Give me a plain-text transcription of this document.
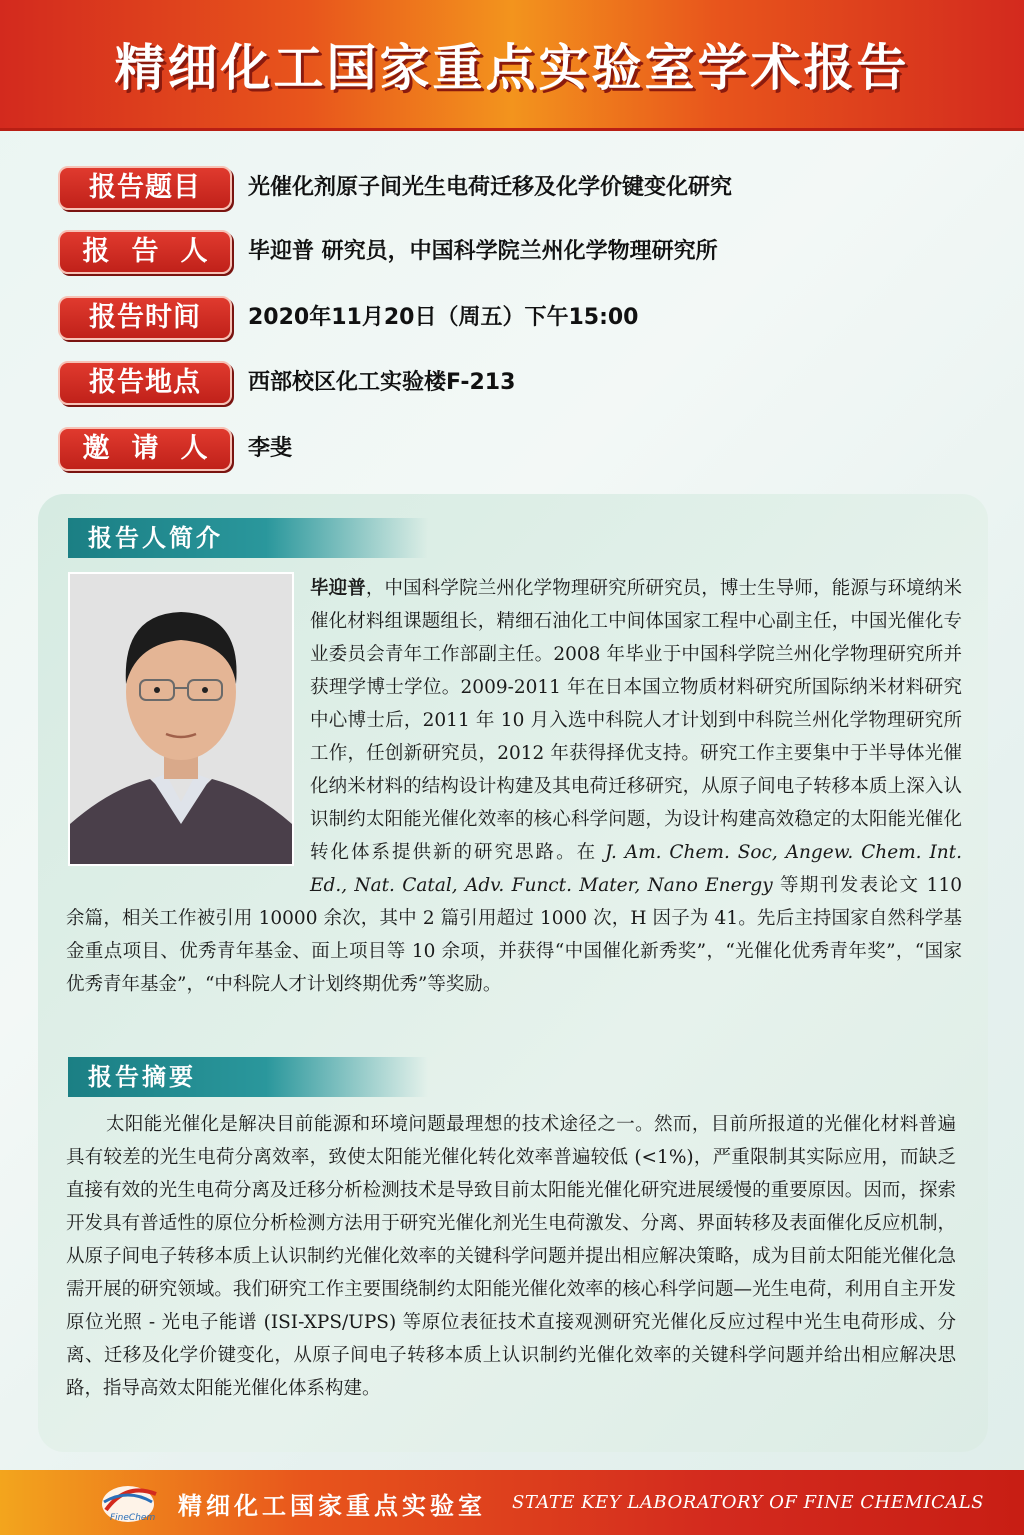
精细化工国家重点实验室学术报告
报告题目	光催化剂原子间光生电荷迁移及化学价键变化研究
报告人 毕迎普 研究员，中国科学院兰州化学物理研究所
报告时间	2020年11月20日（周五）下午15:00
报告地点	西部校区化工实验楼F-213
邀请人 李斐
报告人简介
毕迎普，中国科学院兰州化学物理研究所研究员，博士生导师，能源与环境纳米催化材料组课题组长，精细石油化工中间体国家工程中心副主任，中国光催化专业委员会青年工作部副主任。2008 年毕业于中国科学院兰州化学物理研究所并获理学博士学位。2009-2011 年在日本国立物质材料研究所国际纳米材料研究中心博士后，2011 年 10 月入选中科院人才计划到中科院兰州化学物理研究所工作，任创新研究员，2012 年获得择优支持。研究工作主要集中于半导体光催化纳米材料的结构设计构建及其电荷迁移研究，从原子间电子转移本质上深入认识制约太阳能光催化效率的核心科学问题，为设计构建高效稳定的太阳能光催化转化体系提供新的研究思路。在 J. Am. Chem. Soc, Angew. Chem. Int. Ed., Nat. Catal, Adv. Funct. Mater, Nano Energy 等期刊发表论文 110 余篇，相关工作被引用 10000 余次，其中 2 篇引用超过 1000 次，H 因子为 41。先后主持国家自然科学基金重点项目、优秀青年基金、面上项目等 10 余项，并获得“中国催化新秀奖”，“光催化优秀青年奖”，“国家优秀青年基金”，“中科院人才计划终期优秀”等奖励。
报告摘要
太阳能光催化是解决目前能源和环境问题最理想的技术途径之一。然而，目前所报道的光催化材料普遍具有较差的光生电荷分离效率，致使太阳能光催化转化效率普遍较低 (<1%)，严重限制其实际应用，而缺乏直接有效的光生电荷分离及迁移分析检测技术是导致目前太阳能光催化研究进展缓慢的重要原因。因而，探索开发具有普适性的原位分析检测方法用于研究光催化剂光生电荷激发、分离、界面转移及表面催化反应机制，从原子间电子转移本质上认识制约光催化效率的关键科学问题并提出相应解决策略，成为目前太阳能光催化急需开展的研究领域。我们研究工作主要围绕制约太阳能光催化效率的核心科学问题—光生电荷，利用自主开发原位光照 - 光电子能谱 (ISI-XPS/UPS) 等原位表征技术直接观测研究光催化反应过程中光生电荷形成、分离、迁移及化学价键变化，从原子间电子转移本质上认识制约光催化效率的关键科学问题并给出相应解决思路，指导高效太阳能光催化体系构建。
FineChem 精细化工国家重点实验室 STATE KEY LABORATORY OF FINE CHEMICALS
